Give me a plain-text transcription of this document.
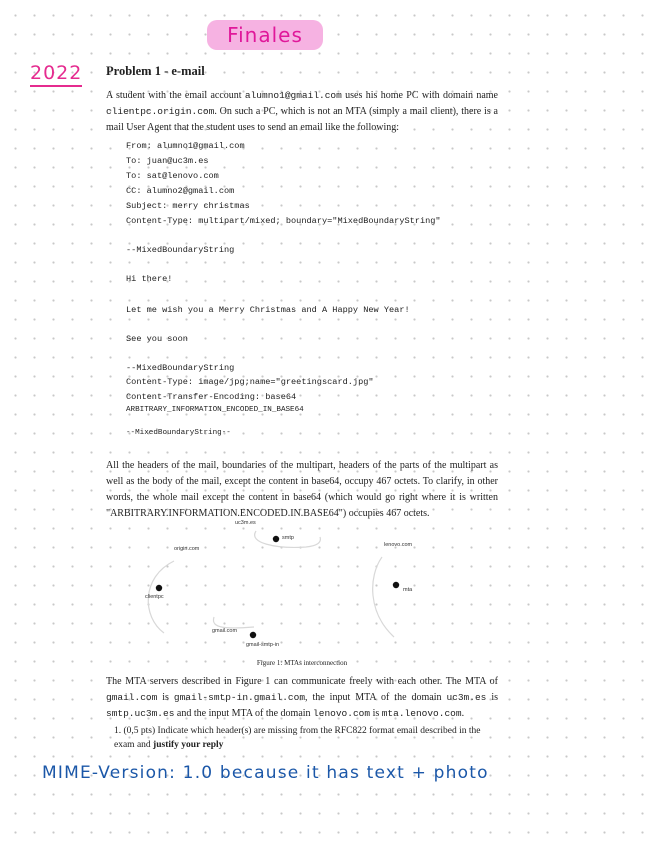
Finales
2022 Problem 1 - e-mail

A student with the email account alumno1@gmail.com uses his home PC with domain name clientpc.origin.com. On such a PC, which is not an MTA (simply a mail client), there is a mail User Agent that the student uses to send an email like the following:

From: alumno1@gmail.com
To: juan@uc3m.es
To: sat@lenovo.com
CC: alumno2@gmail.com
Subject: merry christmas
Content-Type: multipart/mixed; boundary="MixedBoundaryString"
--MixedBoundaryString
Hi there!
Let me wish you a Merry Christmas and A Happy New Year!
See you soon
--MixedBoundaryString
Content-Type: image/jpg;name="greetingscard.jpg"
Content-Transfer-Encoding: base64
ARBITRARY_INFORMATION_ENCODED_IN_BASE64
--MixedBoundaryString--

All the headers of the mail, boundaries of the multipart, headers of the parts of the multipart as well as the body of the mail, except the content in base64, occupy 467 octets. To clarify, in other words, the whole mail except the content in base64 (which would go right where it is written "ARBITRARY.INFORMATION.ENCODED.IN.BASE64") occupies 467 octets.

uc3m.es
smtp
origin.com
clientpc
lenovo.com
mta
gmail.com
gmail-smtp-in
Figure 1: MTAs interconnection

The MTA servers described in Figure 1 can communicate freely with each other. The MTA of gmail.com is gmail-smtp-in.gmail.com, the input MTA of the domain uc3m.es is smtp.uc3m.es and the input MTA of the domain lenovo.com is mta.lenovo.com.

1. (0,5 pts) Indicate which header(s) are missing from the RFC822 format email described in the exam and justify your reply

MIME-Version: 1.0 because it has text + photo
